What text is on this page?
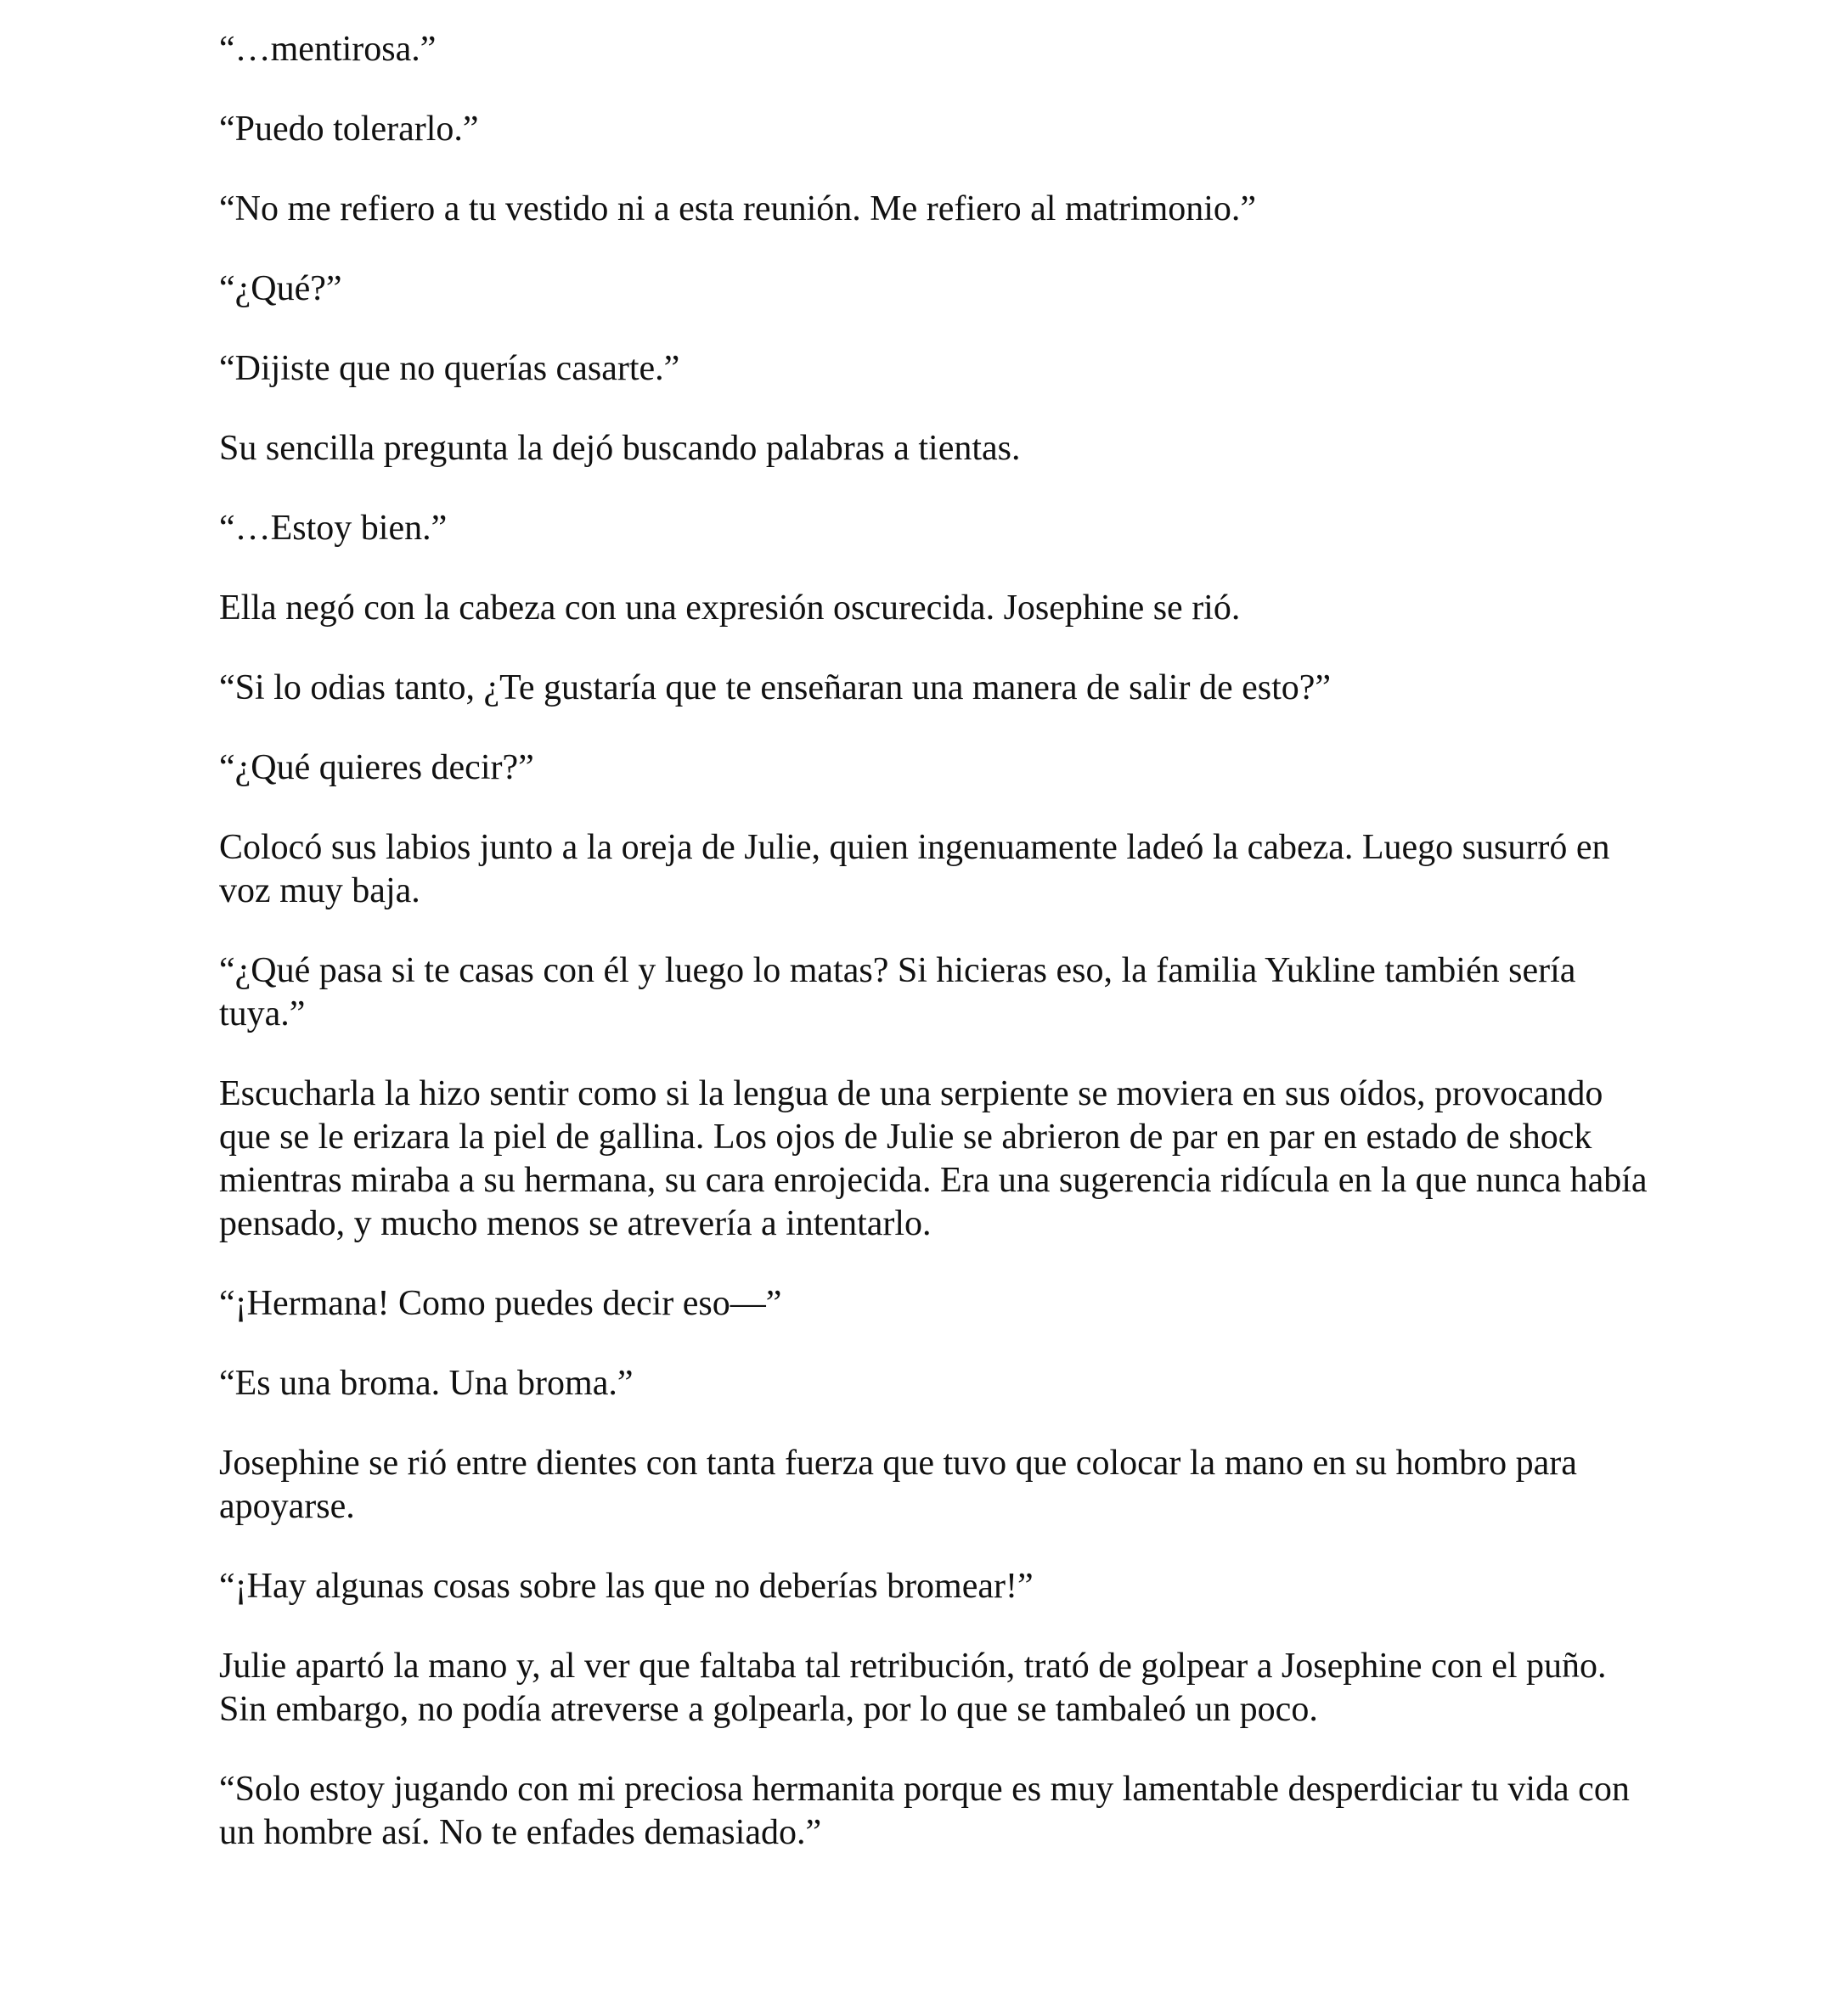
“…mentirosa.”

“Puedo tolerarlo.”

“No me refiero a tu vestido ni a esta reunión. Me refiero al matrimonio.”

“¿Qué?”

“Dijiste que no querías casarte.”

Su sencilla pregunta la dejó buscando palabras a tientas.

“…Estoy bien.”

Ella negó con la cabeza con una expresión oscurecida. Josephine se rió.

“Si lo odias tanto, ¿Te gustaría que te enseñaran una manera de salir de esto?”

“¿Qué quieres decir?”

Colocó sus labios junto a la oreja de Julie, quien ingenuamente ladeó la cabeza. Luego susurró en voz muy baja.

“¿Qué pasa si te casas con él y luego lo matas? Si hicieras eso, la familia Yukline también sería tuya.”

Escucharla la hizo sentir como si la lengua de una serpiente se moviera en sus oídos, provocando que se le erizara la piel de gallina. Los ojos de Julie se abrieron de par en par en estado de shock mientras miraba a su hermana, su cara enrojecida. Era una sugerencia ridícula en la que nunca había pensado, y mucho menos se atrevería a intentarlo.

“¡Hermana! Como puedes decir eso—”

“Es una broma. Una broma.”

Josephine se rió entre dientes con tanta fuerza que tuvo que colocar la mano en su hombro para apoyarse.

“¡Hay algunas cosas sobre las que no deberías bromear!”

Julie apartó la mano y, al ver que faltaba tal retribución, trató de golpear a Josephine con el puño. Sin embargo, no podía atreverse a golpearla, por lo que se tambaleó un poco.

“Solo estoy jugando con mi preciosa hermanita porque es muy lamentable desperdiciar tu vida con un hombre así. No te enfades demasiado.”
